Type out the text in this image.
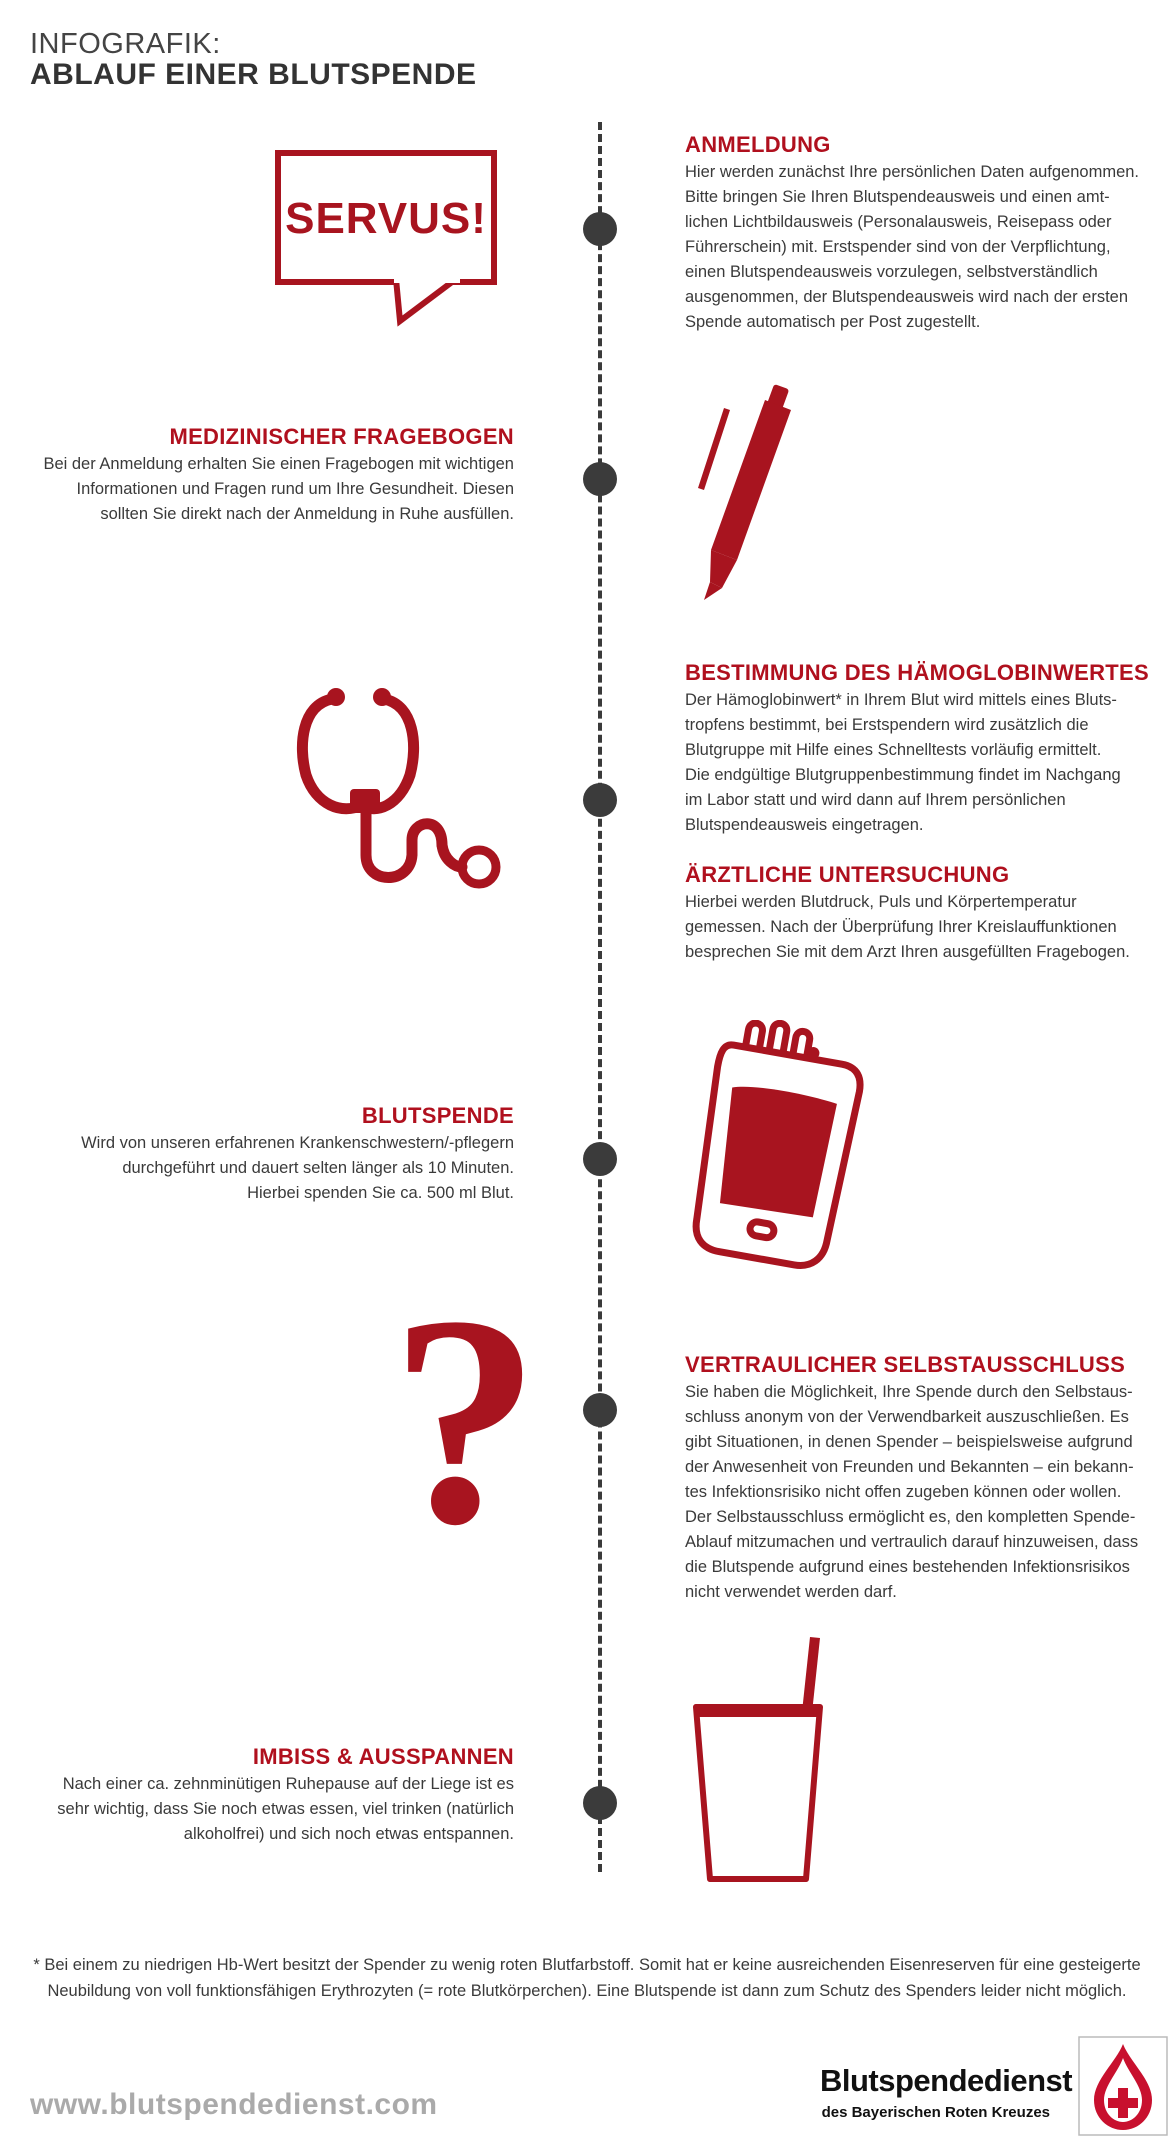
INFOGRAFIK:
ABLAUF EINER BLUTSPENDE
SERVUS!
ANMELDUNG
Hier werden zunächst Ihre persönlichen Daten aufgenommen.
Bitte bringen Sie Ihren Blutspendeausweis und einen amt-
lichen Lichtbildausweis (Personalausweis, Reisepass oder
Führerschein) mit. Erstspender sind von der Verpflichtung,
einen Blutspendeausweis vorzulegen, selbstverständlich
ausgenommen, der Blutspendeausweis wird nach der ersten
Spende automatisch per Post zugestellt.
MEDIZINISCHER FRAGEBOGEN
Bei der Anmeldung erhalten Sie einen Fragebogen mit wichtigen
Informationen und Fragen rund um Ihre Gesundheit. Diesen
sollten Sie direkt nach der Anmeldung in Ruhe ausfüllen.
BESTIMMUNG DES HÄMOGLOBINWERTES
Der Hämoglobinwert* in Ihrem Blut wird mittels eines Bluts-
tropfens bestimmt, bei Erstspendern wird zusätzlich die
Blutgruppe mit Hilfe eines Schnelltests vorläufig ermittelt.
Die endgültige Blutgruppenbestimmung findet im Nachgang
im Labor statt und wird dann auf Ihrem persönlichen
Blutspendeausweis eingetragen.
ÄRZTLICHE UNTERSUCHUNG
Hierbei werden Blutdruck, Puls und Körpertemperatur
gemessen. Nach der Überprüfung Ihrer Kreislauffunktionen
besprechen Sie mit dem Arzt Ihren ausgefüllten Fragebogen.
BLUTSPENDE
Wird von unseren erfahrenen Krankenschwestern/-pflegern
durchgeführt und dauert selten länger als 10 Minuten.
Hierbei spenden Sie ca. 500 ml Blut.
?	VERTRAULICHER SELBSTAUSSCHLUSS
Sie haben die Möglichkeit, Ihre Spende durch den Selbstaus-
schluss anonym von der Verwendbarkeit auszuschließen. Es
gibt Situationen, in denen Spender – beispielsweise aufgrund
der Anwesenheit von Freunden und Bekannten – ein bekann-
tes Infektionsrisiko nicht offen zugeben können oder wollen.
Der Selbstausschluss ermöglicht es, den kompletten Spende-
Ablauf mitzumachen und vertraulich darauf hinzuweisen, dass
die Blutspende aufgrund eines bestehenden Infektionsrisikos
nicht verwendet werden darf.
IMBISS & AUSSPANNEN
Nach einer ca. zehnminütigen Ruhepause auf der Liege ist es
sehr wichtig, dass Sie noch etwas essen, viel trinken (natürlich
alkoholfrei) und sich noch etwas entspannen.
* Bei einem zu niedrigen Hb-Wert besitzt der Spender zu wenig roten Blutfarbstoff. Somit hat er keine ausreichenden Eisenreserven für eine gesteigerte Neubildung von voll funktionsfähigen Erythrozyten (= rote Blutkörperchen). Eine Blutspende ist dann zum Schutz des Spenders leider nicht möglich.
www.blutspendedienst.com
Blutspendedienst
des Bayerischen Roten Kreuzes
